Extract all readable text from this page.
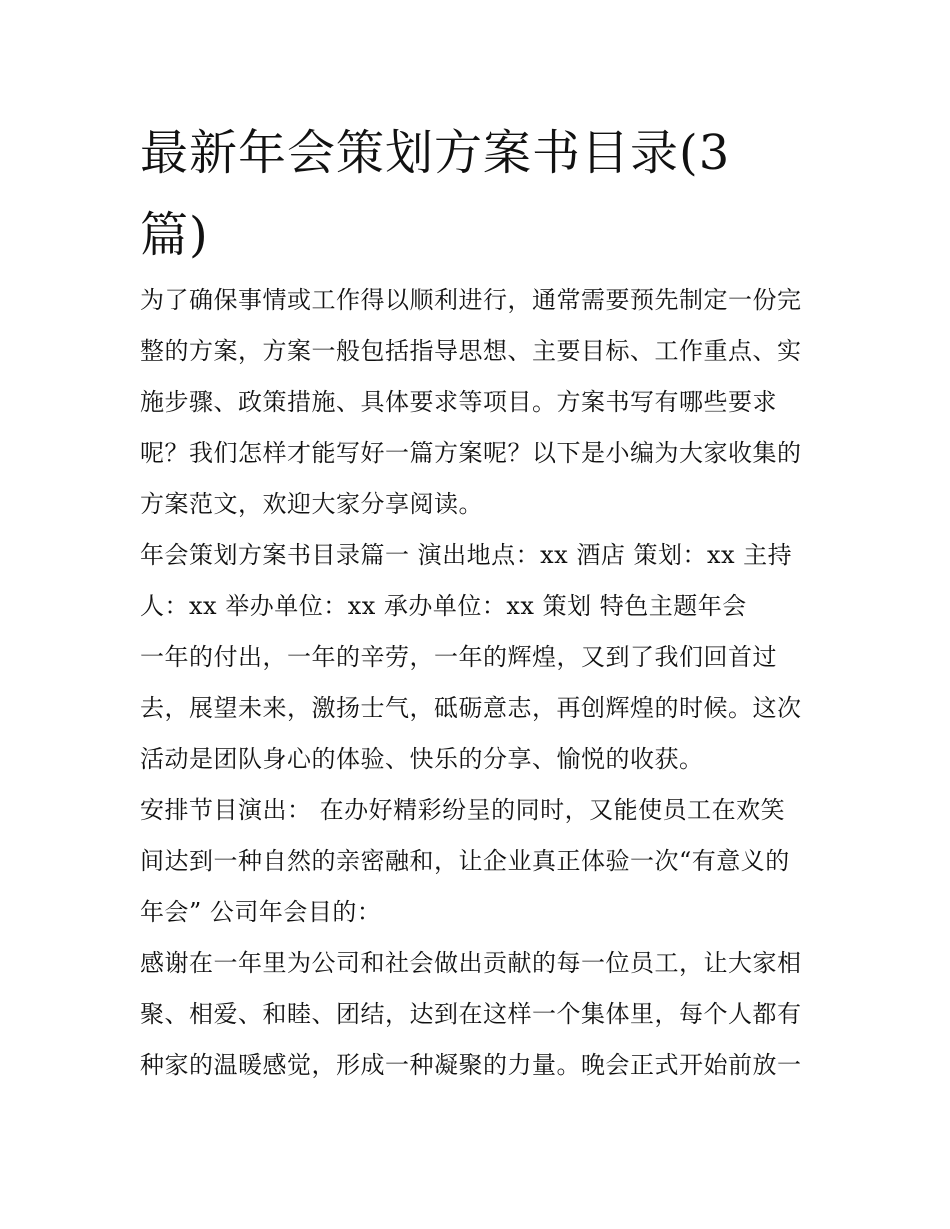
最新年会策划方案书目录(3篇)

为了确保事情或工作得以顺利进行，通常需要预先制定一份完
整的方案，方案一般包括指导思想、主要目标、工作重点、实
施步骤、政策措施、具体要求等项目。方案书写有哪些要求
呢？我们怎样才能写好一篇方案呢？以下是小编为大家收集的
方案范文，欢迎大家分享阅读。

年会策划方案书目录篇一 演出地点：xx 酒店 策划：xx 主持
人：xx 举办单位：xx 承办单位：xx 策划 特色主题年会

一年的付出，一年的辛劳，一年的辉煌，又到了我们回首过
去，展望未来，激扬士气，砥砺意志，再创辉煌的时候。这次
活动是团队身心的体验、快乐的分享、愉悦的收获。

安排节目演出： 在办好精彩纷呈的同时，又能使员工在欢笑
间达到一种自然的亲密融和，让企业真正体验一次“有意义的
年会” 公司年会目的：

感谢在一年里为公司和社会做出贡献的每一位员工，让大家相
聚、相爱、和睦、团结，达到在这样一个集体里，每个人都有
种家的温暖感觉，形成一种凝聚的力量。晚会正式开始前放一
